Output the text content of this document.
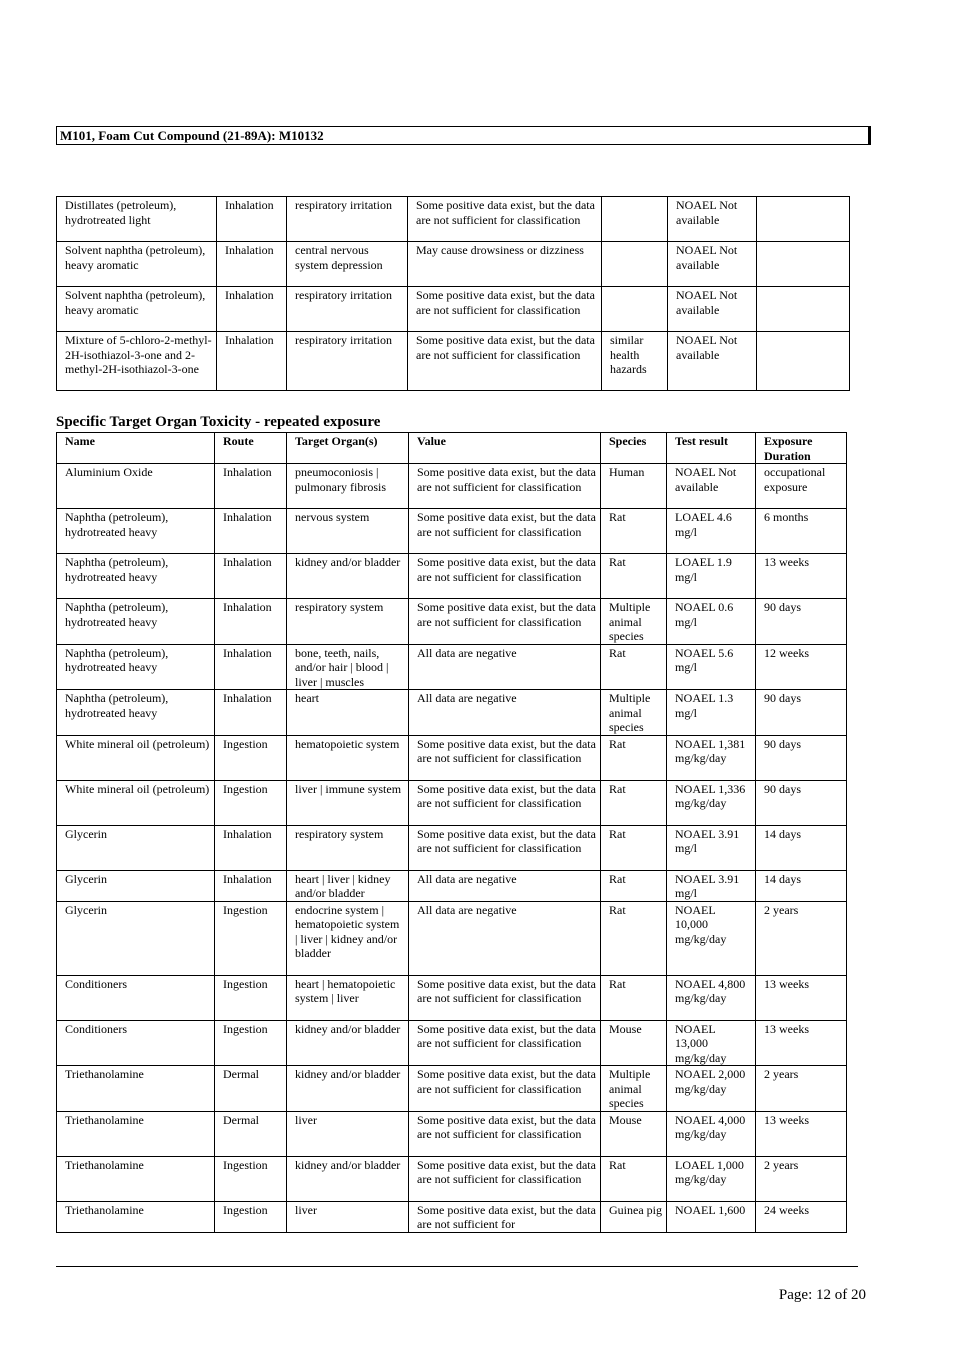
M101, Foam Cut Compound (21-89A): M10132
Distillates (petroleum), hydrotreated light	Inhalation	respiratory irritation	Some positive data exist, but the data are not sufficient for classification		NOAEL Not available	
Solvent naphtha (petroleum), heavy aromatic	Inhalation	central nervous system depression	May cause drowsiness or dizziness		NOAEL Not available	
Solvent naphtha (petroleum), heavy aromatic	Inhalation	respiratory irritation	Some positive data exist, but the data are not sufficient for classification		NOAEL Not available	
Mixture of 5-chloro-2-methyl-2H-isothiazol-3-one and 2-methyl-2H-isothiazol-3-one	Inhalation	respiratory irritation	Some positive data exist, but the data are not sufficient for classification	similar health hazards	NOAEL Not available	
Specific Target Organ Toxicity - repeated exposure
Name	Route	Target Organ(s)	Value	Species	Test result	Exposure Duration
Aluminium Oxide	Inhalation	pneumoconiosis | pulmonary fibrosis	Some positive data exist, but the data are not sufficient for classification	Human	NOAEL Not available	occupational exposure
Naphtha (petroleum), hydrotreated heavy	Inhalation	nervous system	Some positive data exist, but the data are not sufficient for classification	Rat	LOAEL 4.6 mg/l	6 months
Naphtha (petroleum), hydrotreated heavy	Inhalation	kidney and/or bladder	Some positive data exist, but the data are not sufficient for classification	Rat	LOAEL 1.9 mg/l	13 weeks
Naphtha (petroleum), hydrotreated heavy	Inhalation	respiratory system	Some positive data exist, but the data are not sufficient for classification	Multiple animal species	NOAEL 0.6 mg/l	90 days
Naphtha (petroleum), hydrotreated heavy	Inhalation	bone, teeth, nails, and/or hair | blood | liver | muscles	All data are negative	Rat	NOAEL 5.6 mg/l	12 weeks
Naphtha (petroleum), hydrotreated heavy	Inhalation	heart	All data are negative	Multiple animal species	NOAEL 1.3 mg/l	90 days
White mineral oil (petroleum)	Ingestion	hematopoietic system	Some positive data exist, but the data are not sufficient for classification	Rat	NOAEL 1,381 mg/kg/day	90 days
White mineral oil (petroleum)	Ingestion	liver | immune system	Some positive data exist, but the data are not sufficient for classification	Rat	NOAEL 1,336 mg/kg/day	90 days
Glycerin	Inhalation	respiratory system	Some positive data exist, but the data are not sufficient for classification	Rat	NOAEL 3.91 mg/l	14 days
Glycerin	Inhalation	heart | liver | kidney and/or bladder	All data are negative	Rat	NOAEL 3.91 mg/l	14 days
Glycerin	Ingestion	endocrine system | hematopoietic system | liver | kidney and/or bladder	All data are negative	Rat	NOAEL 10,000 mg/kg/day	2 years
Conditioners	Ingestion	heart | hematopoietic system | liver	Some positive data exist, but the data are not sufficient for classification	Rat	NOAEL 4,800 mg/kg/day	13 weeks
Conditioners	Ingestion	kidney and/or bladder	Some positive data exist, but the data are not sufficient for classification	Mouse	NOAEL 13,000 mg/kg/day	13 weeks
Triethanolamine	Dermal	kidney and/or bladder	Some positive data exist, but the data are not sufficient for classification	Multiple animal species	NOAEL 2,000 mg/kg/day	2 years
Triethanolamine	Dermal	liver	Some positive data exist, but the data are not sufficient for classification	Mouse	NOAEL 4,000 mg/kg/day	13 weeks
Triethanolamine	Ingestion	kidney and/or bladder	Some positive data exist, but the data are not sufficient for classification	Rat	LOAEL 1,000 mg/kg/day	2 years
Triethanolamine	Ingestion	liver	Some positive data exist, but the data are not sufficient for	Guinea pig	NOAEL 1,600	24 weeks
Page: 12 of 20
